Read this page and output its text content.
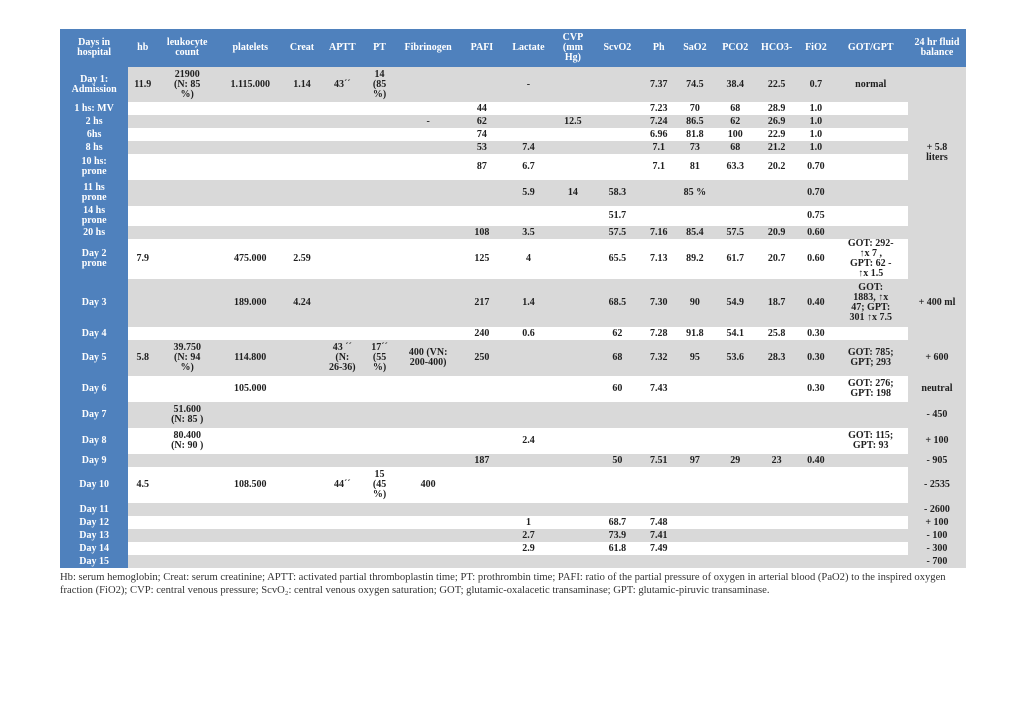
Days in hospital	hb	leukocyte count	platelets	Creat	APTT	PT	Fibrinogen	PAFI	Lactate	CVP (mm Hg)	ScvO2	Ph	SaO2	PCO2	HCO3-	FiO2	GOT/GPT	24 hr fluid balance
Day 1:
Admission	11.9	21900
(N: 85
%)	1.115.000	1.14	43´´	14
(85
%)			-			7.37	74.5	38.4	22.5	0.7	normal	+ 5.8
liters
1 hs: MV								44				7.23	70	68	28.9	1.0		
2 hs							-	62		12.5		7.24	86.5	62	26.9	1.0		
6hs								74				6.96	81.8	100	22.9	1.0		
8 hs								53	7.4			7.1	73	68	21.2	1.0		
10 hs:
prone								87	6.7			7.1	81	63.3	20.2	0.70		
11 hs
prone									5.9	14	58.3		85 %			0.70		
14 hs
prone											51.7					0.75		
20 hs								108	3.5		57.5	7.16	85.4	57.5	20.9	0.60		
Day 2
prone	7.9		475.000	2.59				125	4		65.5	7.13	89.2	61.7	20.7	0.60	GOT: 292-
↑x 7 ,
GPT: 62 -
↑x 1.5	
Day 3			189.000	4.24				217	1.4		68.5	7.30	90	54.9	18.7	0.40	GOT:
1883, ↑x
47; GPT:
301 ↑x 7.5	+ 400 ml
Day 4								240	0.6		62	7.28	91.8	54.1	25.8	0.30		
Day 5	5.8	39.750
(N: 94
%)	114.800		43 ´´
(N:
26-36)	17´´
(55
%)	400 (VN:
200-400)	250			68	7.32	95	53.6	28.3	0.30	GOT: 785;
GPT; 293	+ 600
Day 6			105.000								60	7.43				0.30	GOT: 276;
GPT: 198	neutral
Day 7		51.600
(N: 85 )																- 450
Day 8		80.400
(N: 90 )							2.4								GOT: 115;
GPT: 93	+ 100
Day 9								187			50	7.51	97	29	23	0.40		- 905
Day 10	4.5		108.500		44´´	15
(45
%)	400											- 2535
Day 11																		- 2600
Day 12									1		68.7	7.48						+ 100
Day 13									2.7		73.9	7.41						- 100
Day 14									2.9		61.8	7.49						- 300
Day 15																		- 700

Hb: serum hemoglobin; Creat: serum creatinine; APTT: activated partial thromboplastin time; PT: prothrombin time; PAFI: ratio of the partial pressure of oxygen in arterial blood (PaO2) to the inspired oxygen fraction (FiO2); CVP: central venous pressure; ScvO₂: central venous oxygen saturation; GOT; glutamic-oxalacetic transaminase; GPT: glutamic-piruvic transaminase.
